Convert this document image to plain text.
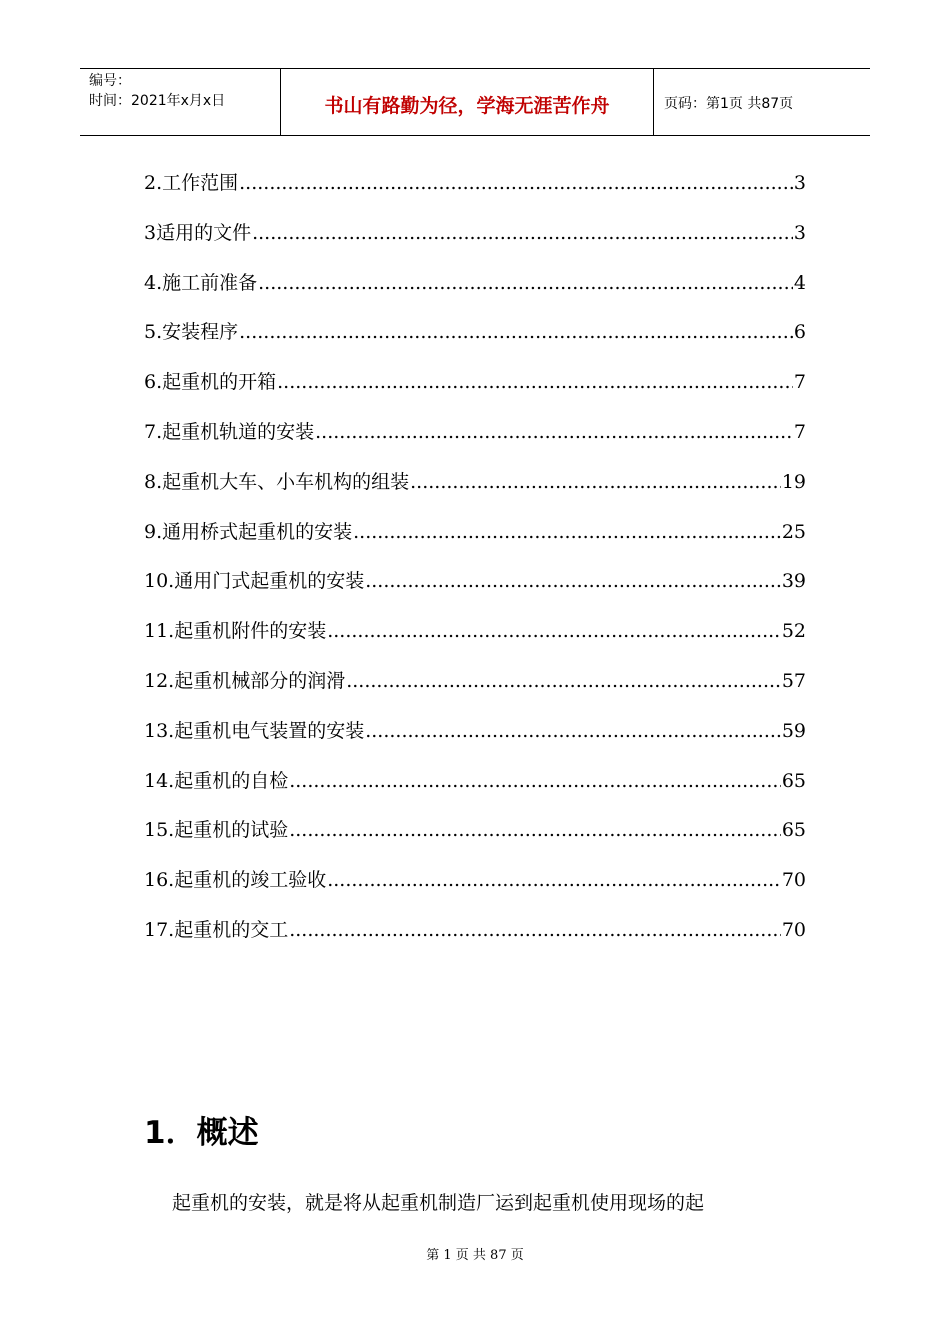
编号：
时间：2021年x月x日	书山有路勤为径，学海无涯苦作舟	页码：第1页 共87页
2.工作范围 .....	3
3适用的文件 .....	3
4.施工前准备 .....	4
5.安装程序 .....	6
6.起重机的开箱 .....	7
7.起重机轨道的安装 .....	7
8.起重机大车、小车机构的组装 .....	19
9.通用桥式起重机的安装 .....	25
10.通用门式起重机的安装 .....	39
11.起重机附件的安装 .....	52
12.起重机械部分的润滑 .....	57
13.起重机电气装置的安装 .....	59
14.起重机的自检 .....	65
15.起重机的试验 .....	65
16.起重机的竣工验收 .....	70
17.起重机的交工 .....	70
1．概述
起重机的安装，就是将从起重机制造厂运到起重机使用现场的起
第 1 页 共 87 页
